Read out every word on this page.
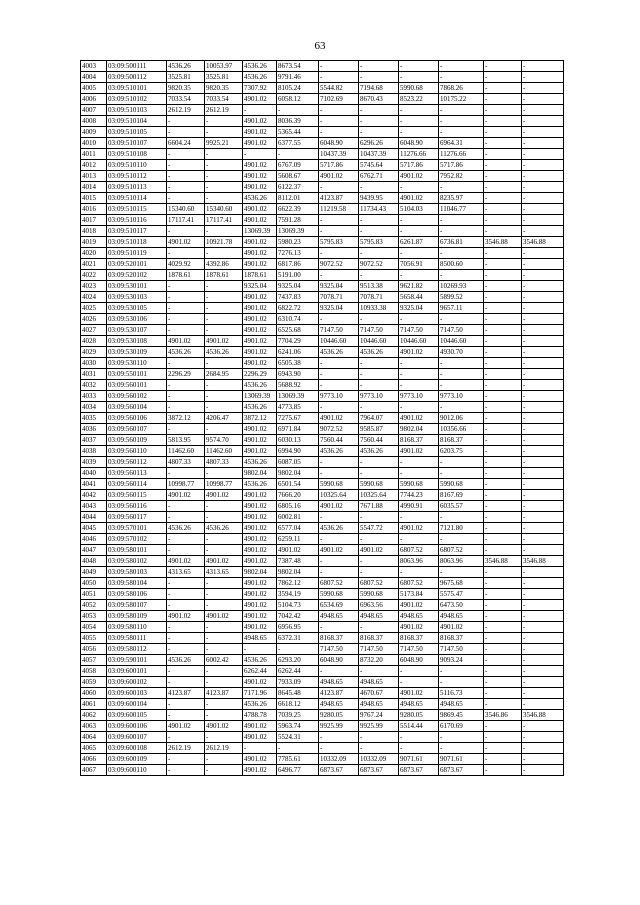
63
4003	03:09:500111	4536.26	10053.97	4536.26	8673.54	-	-	-	-	-	-
4004	03:09:500112	3525.81	3525.81	4536.26	9791.46	-	-	-	-	-	-
4005	03:09:510101	9820.35	9820.35	7307.92	8105.24	5544.82	7194.68	5990.68	7868.26	-	-
4006	03:09:510102	7033.54	7033.54	4901.02	6058.12	7102.69	8670.43	8523.22	10175.22	-	-
4007	03:09:510103	2612.19	2612.19	-	-	-	-	-	-	-	-
4008	03:09:510104	-	-	4901.02	8036.39	-	-	-	-	-	-
4009	03:09:510105	-	-	4901.02	5365.44	-	-	-	-	-	-
4010	03:09:510107	6604.24	9925.21	4901.02	6377.55	6048.90	6296.26	6048.90	6964.31	-	-
4011	03:09:510108	-	-	-	-	10437.39	10437.39	11276.66	11276.66	-	-
4012	03:09:510110	-	-	4901.02	6767.09	5717.86	5745.64	5717.86	5717.86	-	-
4013	03:09:510112	-	-	4901.02	5608.67	4901.02	6762.71	4901.02	7952.82	-	-
4014	03:09:510113	-	-	4901.02	6122.37	-	-	-	-	-	-
4015	03:09:510114	-	-	4536.26	8112.01	4123.87	9439.95	4901.02	8235.97	-	-
4016	03:09:510115	15340.60	15340.60	4901.02	6622.39	11219.58	11734.43	5104.03	11046.77	-	-
4017	03:09:510116	17117.41	17117.41	4901.02	7591.28	-	-	-	-	-	-
4018	03:09:510117	-	-	13069.39	13069.39	-	-	-	-	-	-
4019	03:09:510118	4901.02	10921.78	4901.02	5980.23	5795.83	5795.83	6261.87	6736.81	3546.88	3546.88
4020	03:09:510119	-	-	4901.02	7276.13	-	-	-	-	-	-
4021	03:09:520101	4029.92	4392.86	4901.02	6817.86	9072.52	9072.52	7056.91	8500.60	-	-
4022	03:09:520102	1878.61	1878.61	1878.61	5191.00	-	-	-	-	-	-
4023	03:09:530101	-	-	9325.04	9325.04	9325.04	9513.38	9621.82	10269.93	-	-
4024	03:09:530103	-	-	4901.02	7437.83	7078.71	7078.71	5658.44	5899.52	-	-
4025	03:09:530105	-	-	4901.02	6822.72	9325.04	10933.38	9325.04	9657.11	-	-
4026	03:09:530106	-	-	4901.02	6310.74	-	-	-	-	-	-
4027	03:09:530107	-	-	4901.02	6525.68	7147.50	7147.50	7147.50	7147.50	-	-
4028	03:09:530108	4901.02	4901.02	4901.02	7704.29	10446.60	10446.60	10446.60	10446.60	-	-
4029	03:09:530109	4536.26	4536.26	4901.02	6241.06	4536.26	4536.26	4901.02	4930.70	-	-
4030	03:09:530110	-	-	4901.02	6505.38	-	-	-	-	-	-
4031	03:09:550101	2296.29	2684.95	2296.29	6943.90	-	-	-	-	-	-
4032	03:09:560101	-	-	4536.26	5688.92	-	-	-	-	-	-
4033	03:09:560102	-	-	13069.39	13069.39	9773.10	9773.10	9773.10	9773.10	-	-
4034	03:09:560104	-	-	4536.26	4773.85	-	-	-	-	-	-
4035	03:09:560106	3872.12	4206.47	3872.12	7275.67	4901.02	7964.07	4901.02	9012.06	-	-
4036	03:09:560107	-	-	4901.02	6971.84	9072.52	9585.87	9802.04	10356.66	-	-
4037	03:09:560109	5813.95	9574.70	4901.02	6030.13	7560.44	7560.44	8168.37	8168.37	-	-
4038	03:09:560110	11462.60	11462.60	4901.02	6994.90	4536.26	4536.26	4901.02	6203.75	-	-
4039	03:09:560112	4807.33	4807.33	4536.26	6087.05	-	-	-	-	-	-
4040	03:09:560113	-	-	9802.04	9802.04	-	-	-	-	-	-
4041	03:09:560114	10998.77	10998.77	4536.26	6501.54	5990.68	5990.68	5990.68	5990.68	-	-
4042	03:09:560115	4901.02	4901.02	4901.02	7666.20	10325.64	10325.64	7744.23	8167.69	-	-
4043	03:09:560116	-	-	4901.02	6805.16	4901.02	7671.88	4990.91	6035.57	-	-
4044	03:09:560117	-	-	4901.02	6002.81	-	-	-	-	-	-
4045	03:09:570101	4536.26	4536.26	4901.02	6577.04	4536.26	5547.72	4901.02	7121.80	-	-
4046	03:09:570102	-	-	4901.02	6259.11	-	-	-	-	-	-
4047	03:09:580101	-	-	4901.02	4901.02	4901.02	4901.02	6807.52	6807.52	-	-
4048	03:09:580102	4901.02	4901.02	4901.02	7387.48	-	-	8063.96	8063.96	3546.88	3546.88
4049	03:09:580103	4313.65	4313.65	9802.04	9802.04	-	-	-	-	-	-
4050	03:09:580104	-	-	4901.02	7862.12	6807.52	6807.52	6807.52	9675.68	-	-
4051	03:09:580106	-	-	4901.02	3594.19	5990.68	5990.68	5173.84	5575.47	-	-
4052	03:09:580107	-	-	4901.02	5104.73	6534.69	6963.56	4901.02	6473.50	-	-
4053	03:09:580109	4901.02	4901.02	4901.02	7042.42	4948.65	4948.65	4948.65	4948.65	-	-
4054	03:09:580110	-	-	4901.02	6956.95	-	-	4901.02	4901.02	-	-
4055	03:09:580111	-	-	4948.65	6372.31	8168.37	8168.37	8168.37	8168.37	-	-
4056	03:09:580112	-	-	-	-	7147.50	7147.50	7147.50	7147.50	-	-
4057	03:09:590101	4536.26	6002.42	4536.26	6293.20	6048.90	8732.20	6048.90	9093.24	-	-
4058	03:09:600101	-	-	6262.44	6262.44	-	-	-	-	-	-
4059	03:09:600102	-	-	4901.02	7933.09	4948.65	4948.65	-	-	-	-
4060	03:09:600103	4123.87	4123.87	7171.96	8645.48	4123.87	4670.67	4901.02	5116.73	-	-
4061	03:09:600104	-	-	4536.26	6618.12	4948.65	4948.65	4948.65	4948.65	-	-
4062	03:09:600105	-	-	4788.78	7039.25	9280.05	9767.24	9280.05	9869.45	3546.86	3546.88
4063	03:09:600106	4901.02	4901.02	4901.02	5963.74	9925.99	9925.99	5514.44	6170.69	-	-
4064	03:09:600107	-	-	4901.02	5524.31	-	-	-	-	-	-
4065	03:09:600108	2612.19	2612.19	-	-	-	-	-	-	-	-
4066	03:09:600109	-	-	4901.02	7785.61	10332.09	10332.09	9071.61	9071.61	-	-
4067	03:09:600110	-	-	4901.02	6496.77	6873.67	6873.67	6873.67	6873.67	-	-
